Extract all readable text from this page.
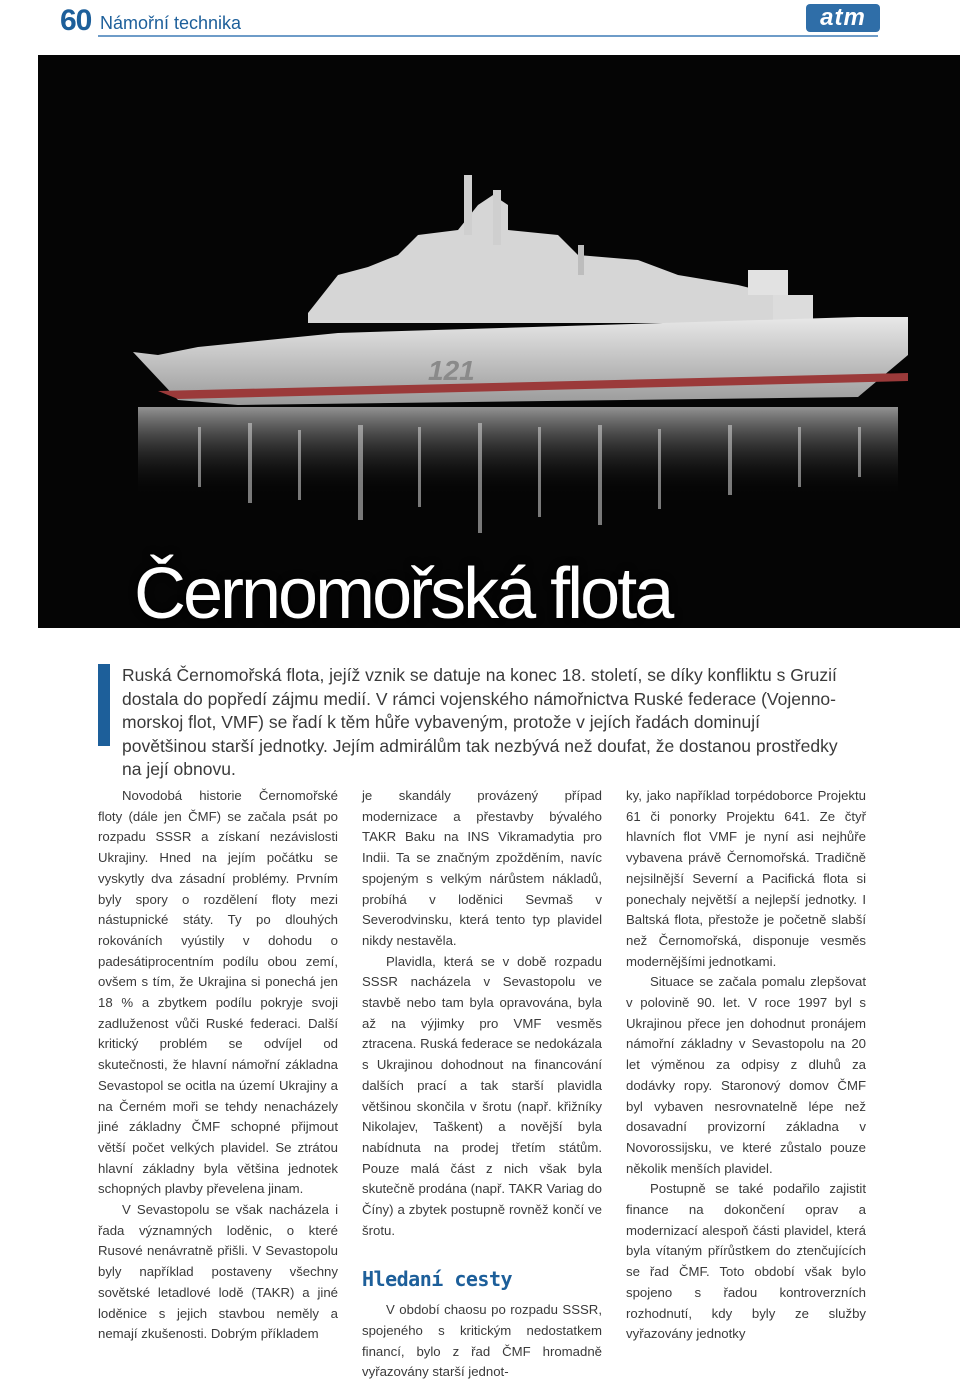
60 Námořní technika	atm
121
Černomořská flota
Ruská Černomořská flota, jejíž vznik se datuje na konec 18. století, se díky konfliktu s Gruzií dostala do popředí zájmu medií. V rámci vojenského námořnictva Ruské federace (Vojenno-morskoj flot, VMF) se řadí k těm hůře vybaveným, protože v jejích řadách dominují povětšinou starší jednotky. Jejím admirálům tak nezbývá než doufat, že dostanou prostředky na její obnovu.

Novodobá historie Černomořské floty (dále jen ČMF) se začala psát po rozpadu SSSR a získaní nezávislosti Ukrajiny. Hned na jejím počátku se vyskytly dva zásadní problémy. Prvním byly spory o rozdělení floty mezi nástupnické státy. Ty po dlouhých rokováních vyústily v dohodu o padesátiprocentním podílu obou zemí, ovšem s tím, že Ukrajina si ponechá jen 18 % a zbytkem podílu pokryje svoji zadluženost vůči Ruské federaci. Další kritický problém se odvíjel od skutečnosti, že hlavní námořní základna Sevastopol se ocitla na území Ukrajiny a na Černém moři se tehdy nenacházely jiné základny ČMF schopné přijmout větší počet velkých plavidel. Se ztrátou hlavní základny byla většina jednotek schopných plavby převelena jinam.

V Sevastopolu se však nacházela i řada významných loděnic, o které Rusové nenávratně přišli. V Sevastopolu byly například postaveny všechny sovětské letadlové lodě (TAKR) a jiné loděnice s jejich stavbou neměly a nemají zkušenosti. Dobrým příkladem

je skandály provázený případ modernizace a přestavby bývalého TAKR Baku na INS Vikramadytia pro Indii. Ta se značným zpožděním, navíc spojeným s velkým nárůstem nákladů, probíhá v loděnici Sevmaš v Severodvinsku, která tento typ plavidel nikdy nestavěla.

Plavidla, která se v době rozpadu SSSR nacházela v Sevastopolu ve stavbě nebo tam byla opravována, byla až na výjimky pro VMF vesměs ztracena. Ruská federace se nedokázala s Ukrajinou dohodnout na financování dalších prací a tak starší plavidla většinou skončila v šrotu (např. křižníky Nikolajev, Taškent) a novější byla nabídnuta na prodej třetím státům. Pouze malá část z nich však byla skutečně prodána (např. TAKR Variag do Číny) a zbytek postupně rovněž končí ve šrotu.

Hledaní cesty

V období chaosu po rozpadu SSSR, spojeného s kritickým nedostatkem financí, bylo z řad ČMF hromadně vyřazovány starší jednot-

ky, jako například torpédoborce Projektu 61 či ponorky Projektu 641. Ze čtyř hlavních flot VMF je nyní asi nejhůře vybavena právě Černomořská. Tradičně nejsilnější Severní a Pacifická flota si ponechaly největší a nejlepší jednotky. I Baltská flota, přestože je početně slabší než Černomořská, disponuje vesměs modernějšími jednotkami.

Situace se začala pomalu zlepšovat v polovině 90. let. V roce 1997 byl s Ukrajinou přece jen dohodnut pronájem námořní základny v Sevastopolu na 20 let výměnou za odpisy z dluhů za dodávky ropy. Staronový domov ČMF byl vybaven nesrovnatelně lépe než dosavadní provizorní základna v Novorossijsku, ve které zůstalo pouze několik menších plavidel.

Postupně se také podařilo zajistit finance na dokončení oprav a modernizací alespoň části plavidel, která byla vítaným přírůstkem do ztenčujících se řad ČMF. Toto období však bylo spojeno s řadou kontroverzních rozhodnutí, kdy byly ze služby vyřazovány jednotky
